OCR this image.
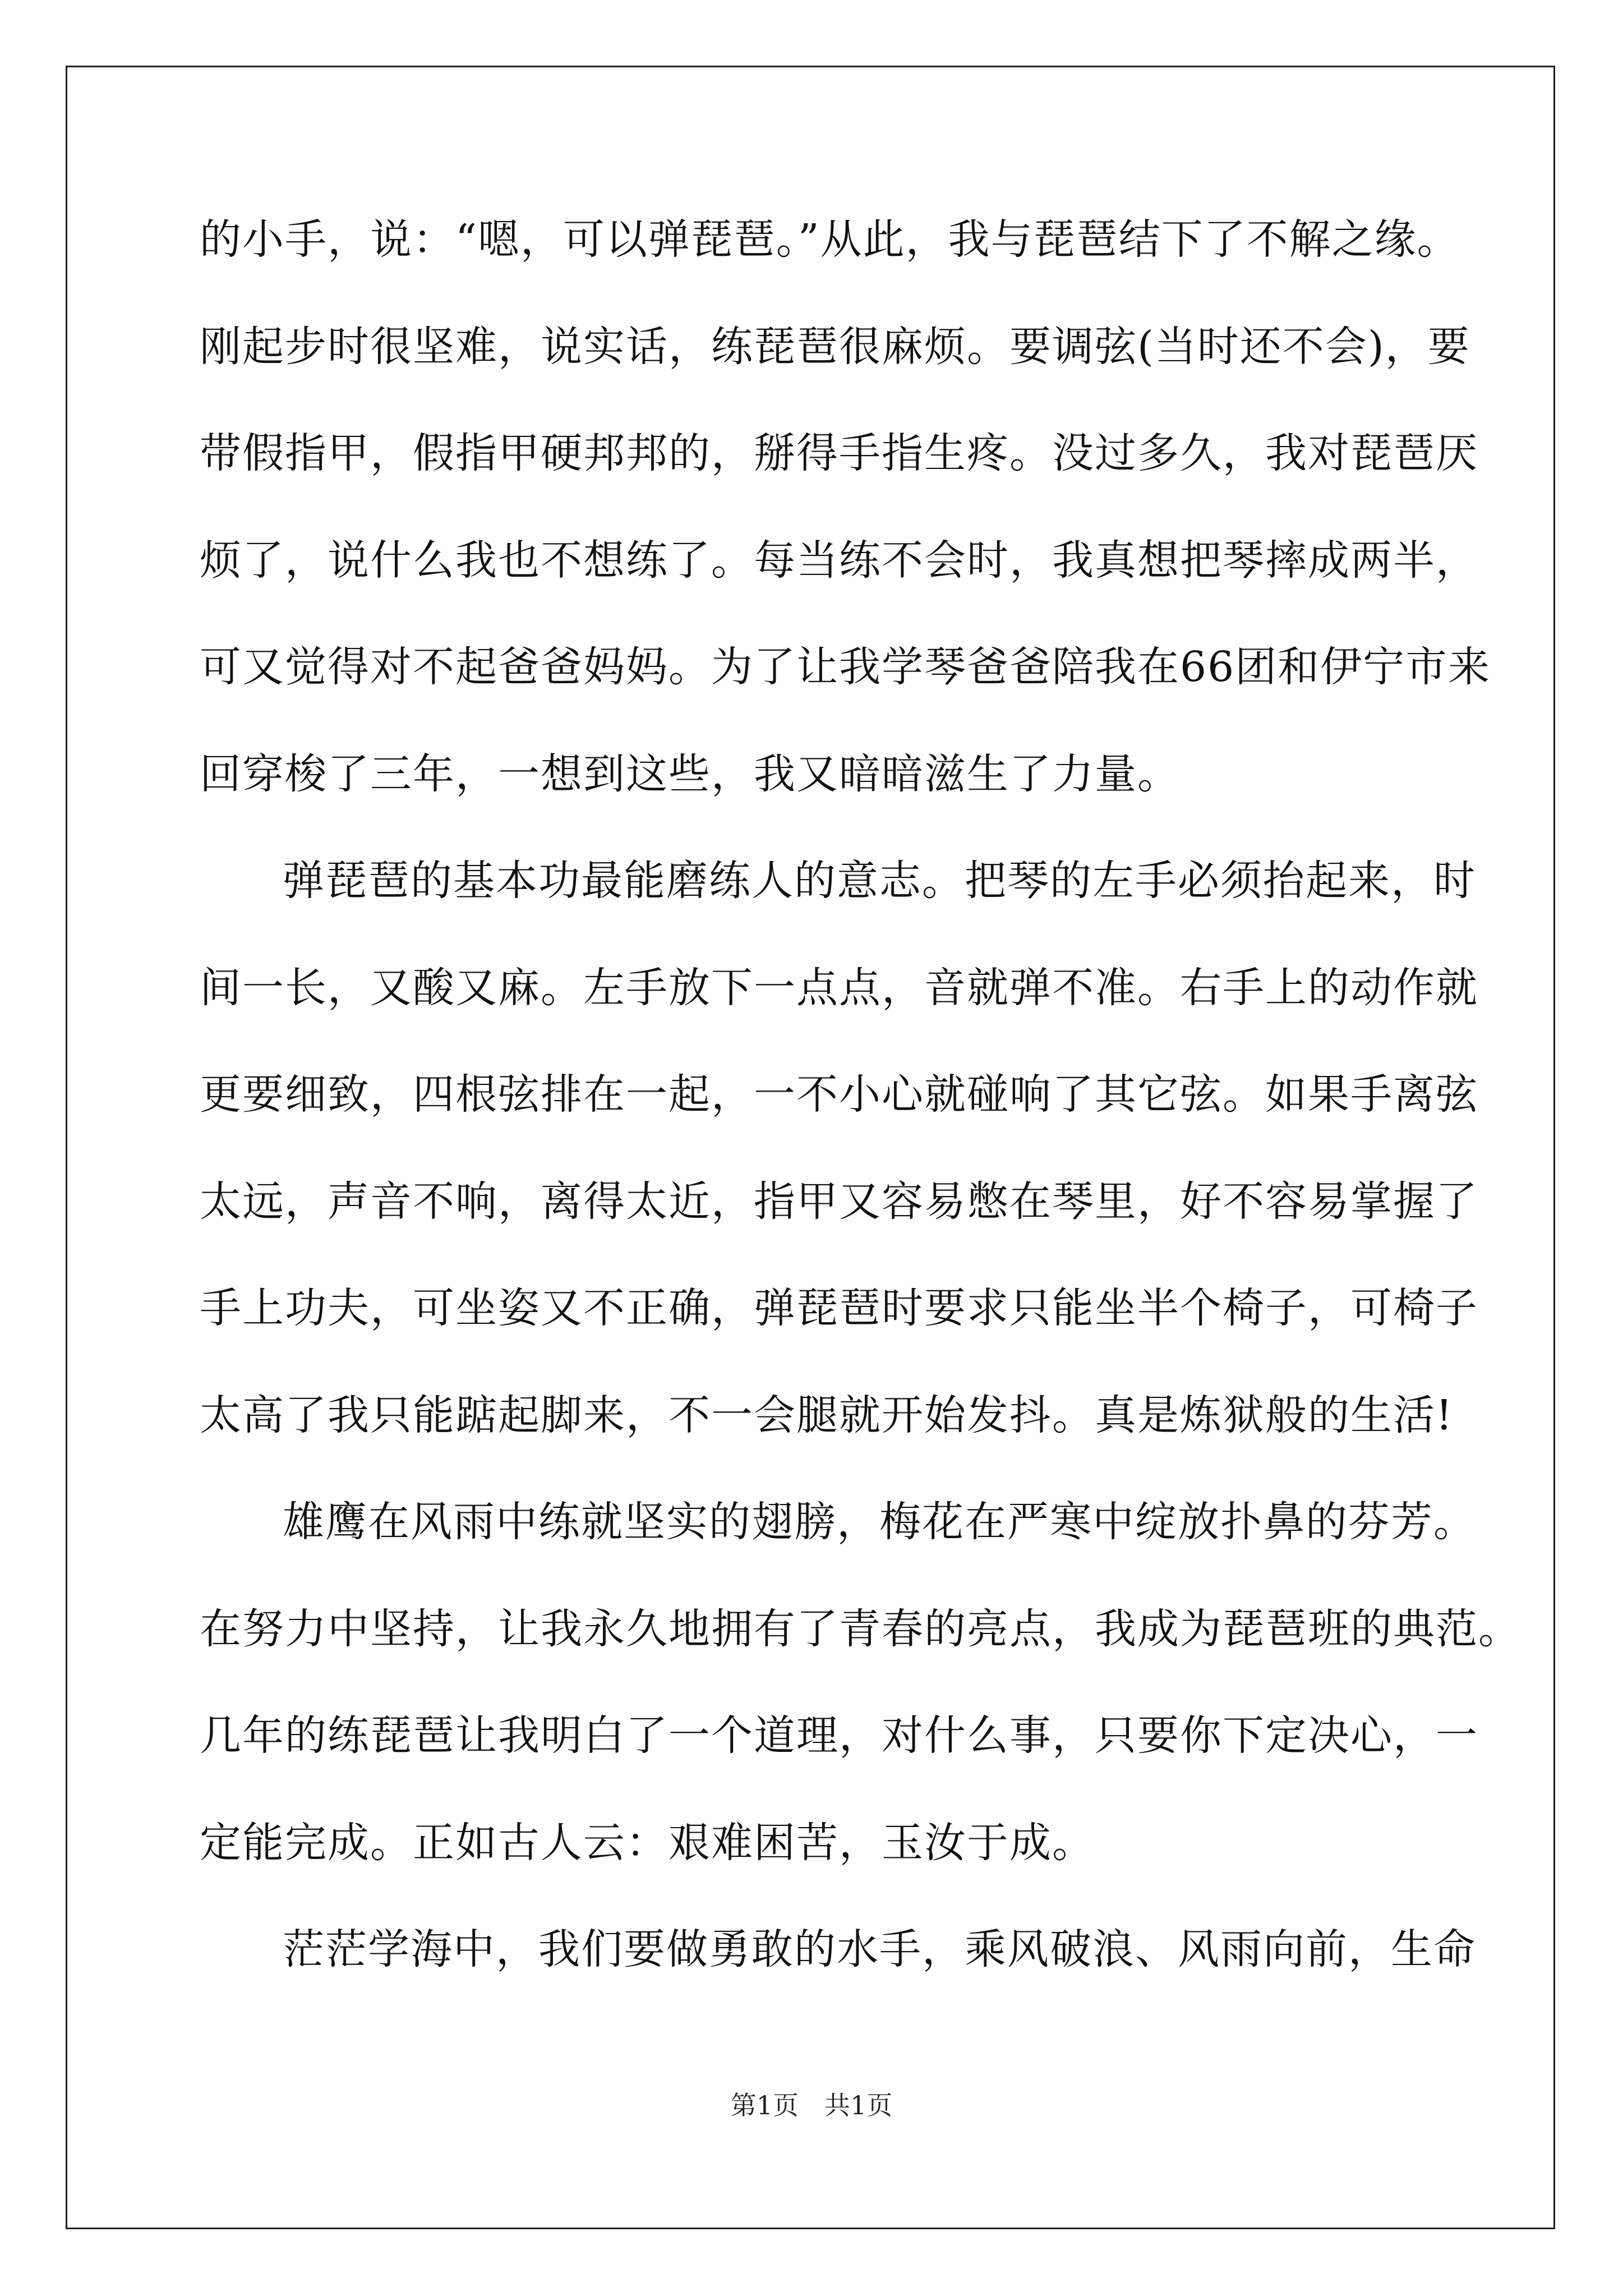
的小手，说：“嗯，可以弹琵琶。”从此，我与琵琶结下了不解之缘。
刚起步时很坚难，说实话，练琵琶很麻烦。要调弦(当时还不会)，要
带假指甲，假指甲硬邦邦的，掰得手指生疼。没过多久，我对琵琶厌
烦了，说什么我也不想练了。每当练不会时，我真想把琴摔成两半，
可又觉得对不起爸爸妈妈。为了让我学琴爸爸陪我在66团和伊宁市来
回穿梭了三年，一想到这些，我又暗暗滋生了力量。
弹琵琶的基本功最能磨练人的意志。把琴的左手必须抬起来，时
间一长，又酸又麻。左手放下一点点，音就弹不准。右手上的动作就
更要细致，四根弦排在一起，一不小心就碰响了其它弦。如果手离弦
太远，声音不响，离得太近，指甲又容易憋在琴里，好不容易掌握了
手上功夫，可坐姿又不正确，弹琵琶时要求只能坐半个椅子，可椅子
太高了我只能踮起脚来，不一会腿就开始发抖。真是炼狱般的生活!
雄鹰在风雨中练就坚实的翅膀，梅花在严寒中绽放扑鼻的芬芳。
在努力中坚持，让我永久地拥有了青春的亮点，我成为琵琶班的典范。
几年的练琵琶让我明白了一个道理，对什么事，只要你下定决心，一
定能完成。正如古人云：艰难困苦，玉汝于成。
茫茫学海中，我们要做勇敢的水手，乘风破浪、风雨向前，生命
第1页　共1页
